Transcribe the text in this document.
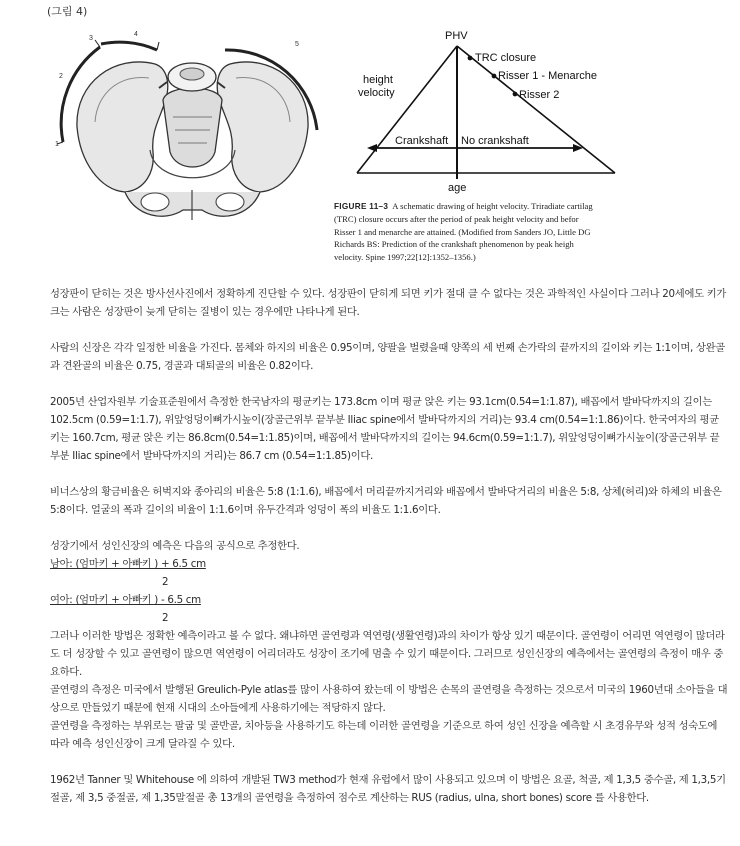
(그림 4)
3
4
2
1
5
PHV
height
velocity
age
TRC closure
Risser 1 - Menarche
Risser 2
Crankshaft No crankshaft
FIGURE 11–3 A schematic drawing of height velocity. Triradiate cartilag
(TRC) closure occurs after the period of peak height velocity and befor
Risser 1 and menarche are attained. (Modified from Sanders JO, Little DG
Richards BS: Prediction of the crankshaft phenomenon by peak heigh
velocity. Spine 1997;22[12]:1352–1356.)

성장판이 닫히는 것은 방사선사진에서 정확하게 진단할 수 있다. 성장판이 닫히게 되면 키가 절대 클 수 없다는 것은 과학적인 사실이다 그러나 20세에도 키가 크는 사람은 성장판이 늦게 닫히는 질병이 있는 경우에만 나타나게 된다.

사람의 신장은 각각 일정한 비율을 가진다. 몸체와 하지의 비율은 0.95이며, 양팔을 벌렸을때 양쪽의 세 번째 손가락의 끝까지의 길이와 키는 1:1이며, 상완골과 견완골의 비율은 0.75, 경골과 대퇴골의 비율은 0.82이다.

2005년 산업자원부 기술표준원에서 측정한 한국남자의 평균키는 173.8cm 이며 평균 앉은 키는 93.1cm(0.54=1:1.87), 배꼽에서 발바닥까지의 길이는 102.5cm (0.59=1:1.7), 위앞엉덩이뼈가시높이(장골근위부 끝부분 Iliac spine에서 발바닥까지의 거리)는 93.4 cm(0.54=1:1.86)이다. 한국여자의 평균 키는 160.7cm, 평균 앉은 키는 86.8cm(0.54=1:1.85)이며, 배꼽에서 발바닥까지의 길이는 94.6cm(0.59=1:1.7), 위앞엉덩이뼈가시높이(장골근위부 끝부분 Iliac spine에서 발바닥까지의 거리)는 86.7 cm (0.54=1:1.85)이다.

비너스상의 황금비율은 허벅지와 종아리의 비율은 5:8 (1:1.6), 배꼽에서 머리끝까지거리와 배꼽에서 발바닥거리의 비율은 5:8, 상체(허리)와 하체의 비율은 5:8이다. 얼굴의 폭과 길이의 비율이 1:1.6이며 유두간격과 엉덩이 폭의 비율도 1:1.6이다.

성장기에서 성인신장의 예측은 다음의 공식으로 추정한다.

남아: (엄마키 + 아빠키 ) + 6.5 cm

2

여아: (엄마키 + 아빠키 ) - 6.5 cm

2

그러나 이러한 방법은 정확한 예측이라고 볼 수 없다. 왜냐하면 골연령과 역연령(생활연령)과의 차이가 항상 있기 때문이다. 골연령이 어리면 역연령이 많더라도 더 성장할 수 있고 골연령이 많으면 역연령이 어리더라도 성장이 조기에 멈출 수 있기 때문이다. 그러므로 성인신장의 예측에서는 골연령의 측정이 매우 중요하다.

골연령의 측정은 미국에서 발행된 Greulich-Pyle atlas를 많이 사용하여 왔는데 이 방법은 손목의 골연령을 측정하는 것으로서 미국의 1960년대 소아들을 대상으로 만들었기 때문에 현재 시대의 소아들에게 사용하기에는 적당하지 않다.

골연령을 측정하는 부위로는 팔굽 및 골반골, 치아등을 사용하기도 하는데 이러한 골연령을 기준으로 하여 성인 신장을 예측할 시 초경유무와 성적 성숙도에 따라 예측 성인신장이 크게 달라질 수 있다.

1962년 Tanner 및 Whitehouse 에 의하여 개발된 TW3 method가 현재 유럽에서 많이 사용되고 있으며 이 방법은 요골, 척골, 제 1,3,5 중수골, 제 1,3,5기절골, 제 3,5 중절골, 제 1,35말절골 총 13개의 골연령을 측정하여 점수로 계산하는 RUS (radius, ulna, short bones) score 를 사용한다.
